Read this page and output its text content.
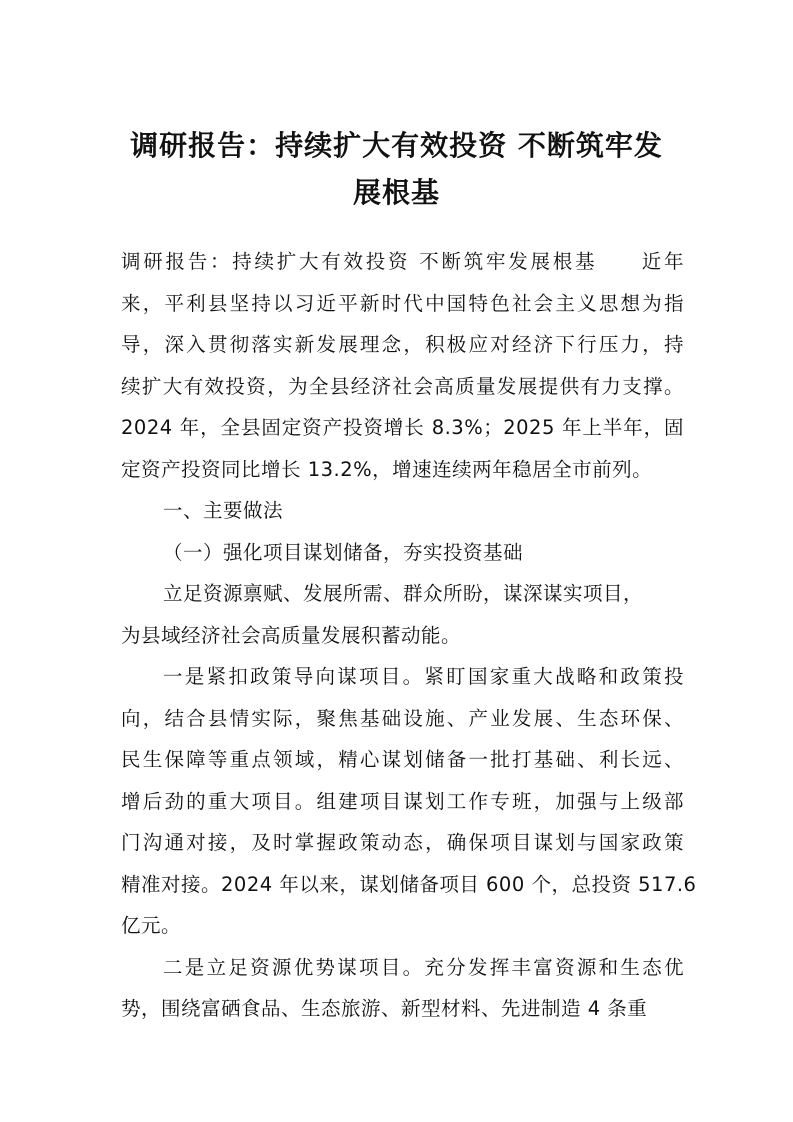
调研报告：持续扩大有效投资 不断筑牢发
展根基
调研报告：持续扩大有效投资 不断筑牢发展根基　　近年
来，平利县坚持以习近平新时代中国特色社会主义思想为指
导，深入贯彻落实新发展理念，积极应对经济下行压力，持
续扩大有效投资，为全县经济社会高质量发展提供有力支撑。
2024 年，全县固定资产投资增长 8.3%；2025 年上半年，固
定资产投资同比增长 13.2%，增速连续两年稳居全市前列。
一、主要做法
（一）强化项目谋划储备，夯实投资基础
立足资源禀赋、发展所需、群众所盼，谋深谋实项目，
为县域经济社会高质量发展积蓄动能。
一是紧扣政策导向谋项目。紧盯国家重大战略和政策投
向，结合县情实际，聚焦基础设施、产业发展、生态环保、
民生保障等重点领域，精心谋划储备一批打基础、利长远、
增后劲的重大项目。组建项目谋划工作专班，加强与上级部
门沟通对接，及时掌握政策动态，确保项目谋划与国家政策
精准对接。2024 年以来，谋划储备项目 600 个，总投资 517.6
亿元。
二是立足资源优势谋项目。充分发挥丰富资源和生态优
势，围绕富硒食品、生态旅游、新型材料、先进制造 4 条重
